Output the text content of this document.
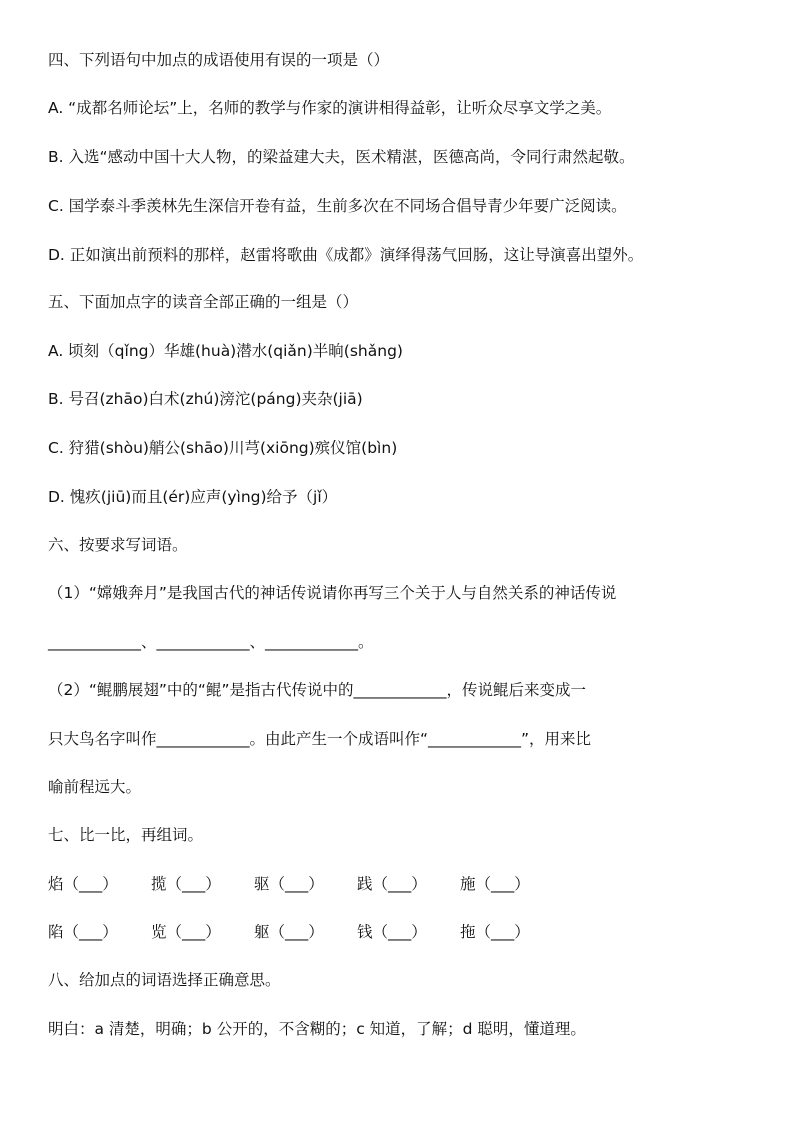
四、下列语句中加点的成语使用有误的一项是（）
A. “成都名师论坛”上，名师的教学与作家的演讲相得益彰，让听众尽享文学之美。
B. 入选“感动中国十大人物，的梁益建大夫，医术精湛，医德高尚，令同行肃然起敬。
C. 国学泰斗季羡林先生深信开卷有益，生前多次在不同场合倡导青少年要广泛阅读。
D. 正如演出前预料的那样，赵雷将歌曲《成都》演绎得荡气回肠，这让导演喜出望外。
五、下面加点字的读音全部正确的一组是（）
A. 顷刻（qǐng）华雄(huà)潜水(qiǎn)半晌(shǎng)
B. 号召(zhāo)白术(zhú)滂沱(páng)夹杂(jiā)
C. 狩猎(shòu)艄公(shāo)川芎(xiōng)殡仪馆(bìn)
D. 愧疚(jiū)而且(ér)应声(yìng)给予（jǐ）
六、按要求写词语。
（1）“嫦娥奔月”是我国古代的神话传说请你再写三个关于人与自然关系的神话传说
____________、____________、____________。
（2）“鲲鹏展翅”中的“鲲”是指古代传说中的____________，传说鲲后来变成一
只大鸟名字叫作____________。由此产生一个成语叫作“____________”，用来比
喻前程远大。
七、比一比，再组词。
焰（___） 揽（___） 驱（___） 践（___） 施（___）
陷（___） 览（___） 躯（___） 钱（___） 拖（___）
八、给加点的词语选择正确意思。
明白：a 清楚，明确；b 公开的，不含糊的；c 知道，了解；d 聪明，懂道理。
